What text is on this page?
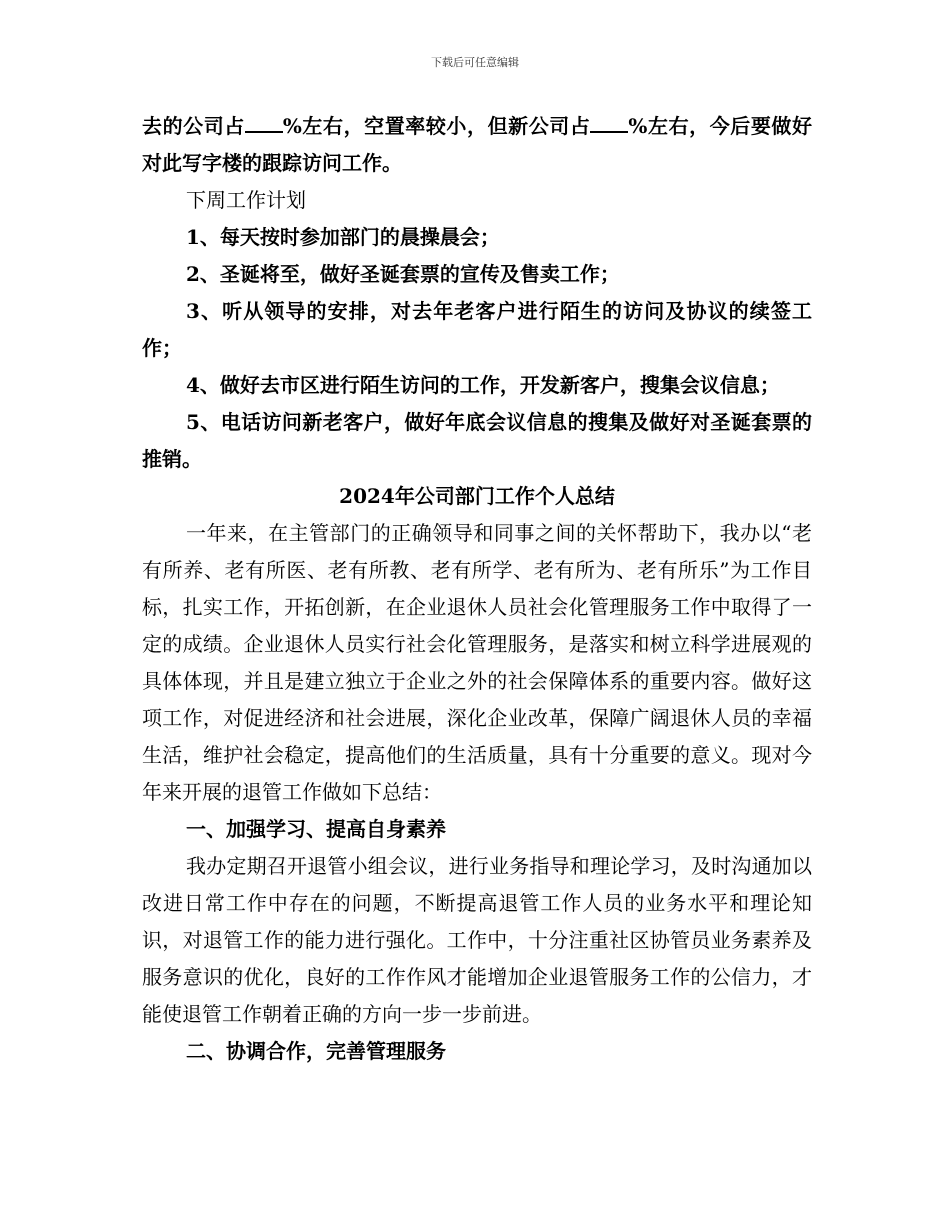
下载后可任意编辑

去的公司占 %左右，空置率较小，但新公司占 %左右，今后要做好对此写字楼的跟踪访问工作。

下周工作计划

1、每天按时参加部门的晨操晨会；

2、圣诞将至，做好圣诞套票的宣传及售卖工作；

3、听从领导的安排，对去年老客户进行陌生的访问及协议的续签工作；

4、做好去市区进行陌生访问的工作，开发新客户，搜集会议信息；

5、电话访问新老客户，做好年底会议信息的搜集及做好对圣诞套票的推销。

2024年公司部门工作个人总结

一年来，在主管部门的正确领导和同事之间的关怀帮助下，我办以“老有所养、老有所医、老有所教、老有所学、老有所为、老有所乐”为工作目标，扎实工作，开拓创新，在企业退休人员社会化管理服务工作中取得了一定的成绩。企业退休人员实行社会化管理服务，是落实和树立科学进展观的具体体现，并且是建立独立于企业之外的社会保障体系的重要内容。做好这项工作，对促进经济和社会进展，深化企业改革，保障广阔退休人员的幸福生活，维护社会稳定，提高他们的生活质量，具有十分重要的意义。现对今年来开展的退管工作做如下总结：

一、加强学习、提高自身素养

我办定期召开退管小组会议，进行业务指导和理论学习，及时沟通加以改进日常工作中存在的问题，不断提高退管工作人员的业务水平和理论知识，对退管工作的能力进行强化。工作中，十分注重社区协管员业务素养及服务意识的优化，良好的工作作风才能增加企业退管服务工作的公信力，才能使退管工作朝着正确的方向一步一步前进。

二、协调合作，完善管理服务
